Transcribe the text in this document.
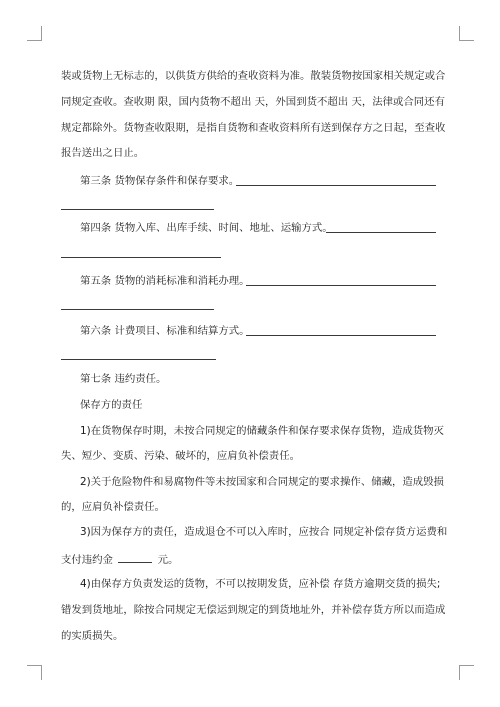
装或货物上无标志的，以供货方供给的查收资料为准。散装货物按国家相关规定或合
同规定查收。查收期 限，国内货物不超出 天，外国到货不超出 天，法律或合同还有
规定都除外。货物查收限期，是指自货物和查收资料所有送到保存方之日起，至查收
报告送出之日止。
第三条 货物保存条件和保存要求。
第四条 货物入库、出库手续、时间、地址、运输方式。
第五条 货物的消耗标准和消耗办理。
第六条 计费项目、标准和结算方式。
第七条 违约责任。
保存方的责任
1)在货物保存时期，未按合同规定的储藏条件和保存要求保存货物，造成货物灭
失、短少、变质、污染、破坏的，应肩负补偿责任。
2)关于危险物件和易腐物件等未按国家和合同规定的要求操作、储藏，造成毁损
的，应肩负补偿责任。
3)因为保存方的责任，造成退仓不可以入库时，应按合 同规定补偿存货方运费和
支付违约金	元。
4)由保存方负责发运的货物，不可以按期发货，应补偿 存货方逾期交货的损失;
错发到货地址，除按合同规定无偿运到规定的到货地址外，并补偿存货方所以而造成
的实质损失。
